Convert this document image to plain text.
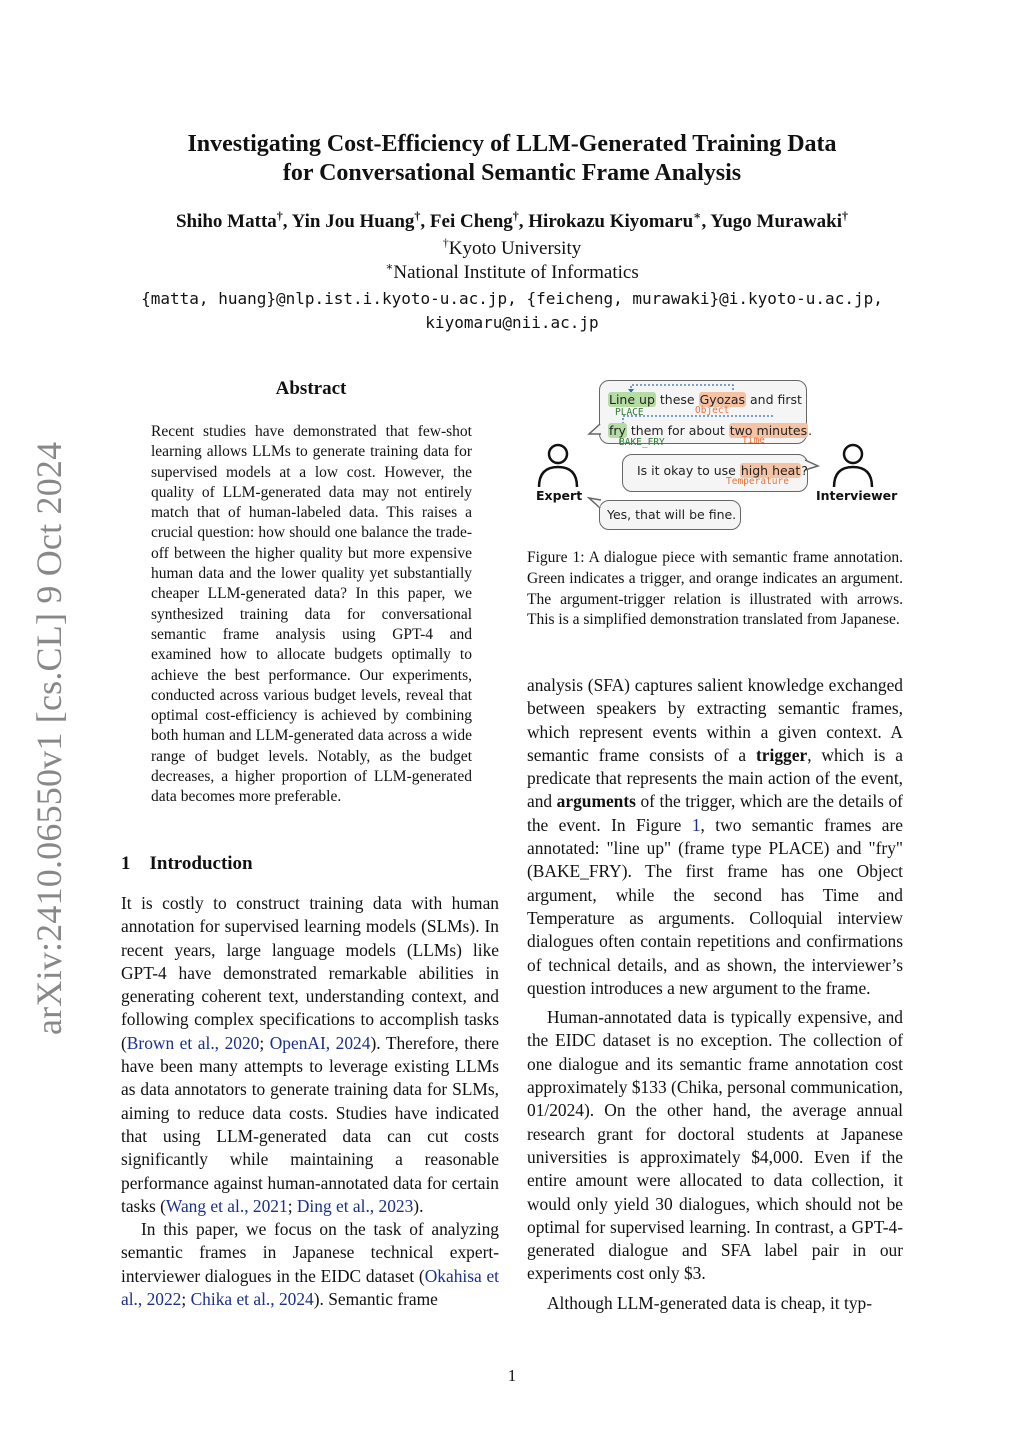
arXiv:2410.06550v1 [cs.CL] 9 Oct 2024
Investigating Cost-Efficiency of LLM-Generated Training Data
for Conversational Semantic Frame Analysis
Shiho Matta†, Yin Jou Huang†, Fei Cheng†, Hirokazu Kiyomaru∗, Yugo Murawaki†
†Kyoto University
∗National Institute of Informatics
{matta, huang}@nlp.ist.i.kyoto-u.ac.jp, {feicheng, murawaki}@i.kyoto-u.ac.jp,
kiyomaru@nii.ac.jp
Abstract
Recent studies have demonstrated that few-shot learning allows LLMs to generate training data for supervised models at a low cost. However, the quality of LLM-generated data may not entirely match that of human-labeled data. This raises a crucial question: how should one balance the trade-off between the higher quality but more expensive human data and the lower quality yet substantially cheaper LLM-generated data? In this paper, we synthesized training data for conversational semantic frame analysis using GPT-4 and examined how to allocate budgets optimally to achieve the best performance. Our experiments, conducted across various budget levels, reveal that optimal cost-efficiency is achieved by combining both human and LLM-generated data across a wide range of budget levels. Notably, as the budget decreases, a higher proportion of LLM-generated data becomes more preferable.
1    Introduction

It is costly to construct training data with human annotation for supervised learning models (SLMs). In recent years, large language models (LLMs) like GPT-4 have demonstrated remarkable abilities in generating coherent text, understanding context, and following complex specifications to accomplish tasks (Brown et al., 2020; OpenAI, 2024). Therefore, there have been many attempts to leverage existing LLMs as data annotators to generate training data for SLMs, aiming to reduce data costs. Studies have indicated that using LLM-generated data can cut costs significantly while maintaining a reasonable performance against human-annotated data for certain tasks (Wang et al., 2021; Ding et al., 2023).

In this paper, we focus on the task of analyzing semantic frames in Japanese technical expert-interviewer dialogues in the EIDC dataset (Okahisa et al., 2022; Chika et al., 2024). Semantic frame

Expert	Interviewer
Line up these Gyozas and first
PLACE	Object
fry them for about two minutes.
BAKE_FRY	Time
Is it okay to use high heat?
Temperature
Yes, that will be fine.
Figure 1: A dialogue piece with semantic frame annotation. Green indicates a trigger, and orange indicates an argument. The argument-trigger relation is illustrated with arrows. This is a simplified demonstration translated from Japanese.

analysis (SFA) captures salient knowledge exchanged between speakers by extracting semantic frames, which represent events within a given context. A semantic frame consists of a trigger, which is a predicate that represents the main action of the event, and arguments of the trigger, which are the details of the event. In Figure 1, two semantic frames are annotated: "line up" (frame type PLACE) and "fry" (BAKE_FRY). The first frame has one Object argument, while the second has Time and Temperature as arguments. Colloquial interview dialogues often contain repetitions and confirmations of technical details, and as shown, the interviewer’s question introduces a new argument to the frame.

Human-annotated data is typically expensive, and the EIDC dataset is no exception. The collection of one dialogue and its semantic frame annotation cost approximately $133 (Chika, personal communication, 01/2024). On the other hand, the average annual research grant for doctoral students at Japanese universities is approximately $4,000. Even if the entire amount were allocated to data collection, it would only yield 30 dialogues, which should not be optimal for supervised learning. In contrast, a GPT-4-generated dialogue and SFA label pair in our experiments cost only $3.

Although LLM-generated data is cheap, it typ-

1
